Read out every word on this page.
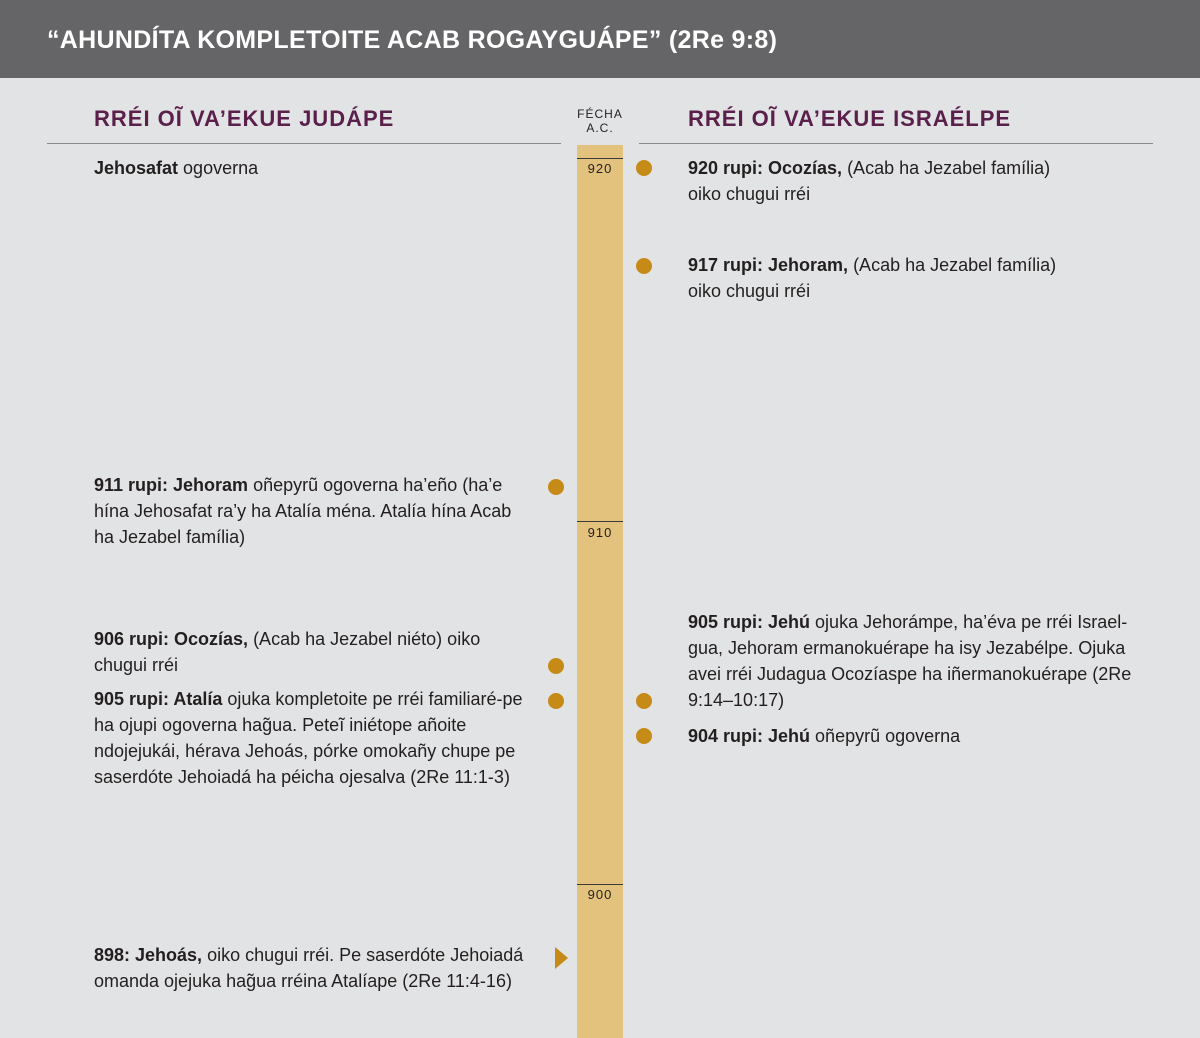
“AHUNDÍTA KOMPLETOITE ACAB ROGAYGUÁPE” (2Re 9:8)
RRÉI OĨ VA’EKUE JUDÁPE	RRÉI OĨ VA’EKUE ISRAÉLPE
FÉCHA
A.C.
920
910
900
Jehosafat ogoverna
911 rupi: Jehoram oñepyrũ ogoverna ha’eño (ha’e hína Jehosafat ra’y ha Atalía ména. Atalía hína Acab ha Jezabel família)
906 rupi: Ocozías, (Acab ha Jezabel niéto) oiko chugui rréi
905 rupi: Atalía ojuka kompletoite pe rréi familiaré-pe ha ojupi ogoverna hag̃ua. Peteĩ iniétope añoite ndojejukái, hérava Jehoás, pórke omokañy chupe pe saserdóte Jehoiadá ha péicha ojesalva (2Re 11:1-3)
898: Jehoás, oiko chugui rréi. Pe saserdóte Jehoiadá omanda ojejuka hag̃ua rréina Atalíape (2Re 11:4-16)
920 rupi: Ocozías, (Acab ha Jezabel família) oiko chugui rréi
917 rupi: Jehoram, (Acab ha Jezabel família) oiko chugui rréi
905 rupi: Jehú ojuka Jehorámpe, ha’éva pe rréi Israel-gua, Jehoram ermanokuérape ha isy Jezabélpe. Ojuka avei rréi Judagua Ocozíaspe ha iñermanokuérape (2Re 9:14–10:17)
904 rupi: Jehú oñepyrũ ogoverna
